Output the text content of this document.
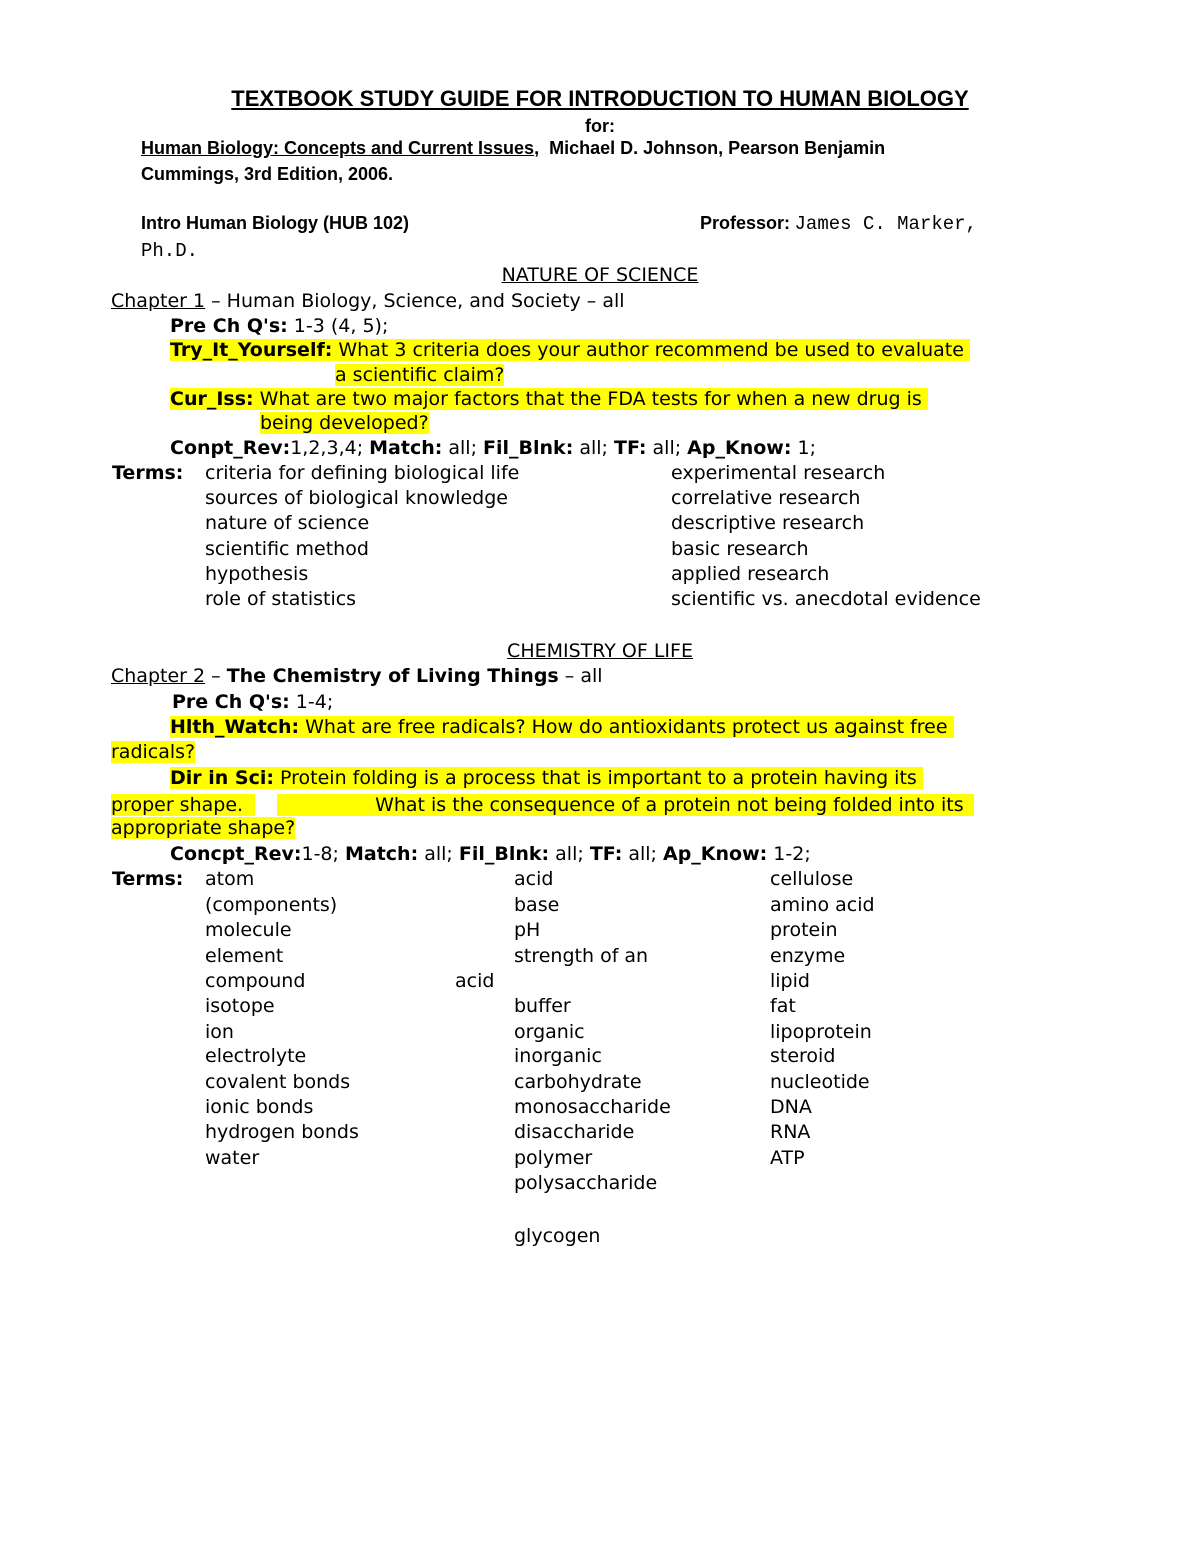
TEXTBOOK STUDY GUIDE FOR INTRODUCTION TO HUMAN BIOLOGY
for:
Human Biology: Concepts and Current Issues, Michael D. Johnson, Pearson Benjamin
Cummings, 3rd Edition, 2006.
Intro Human Biology (HUB 102)	Professor: James C. Marker,
Ph.D.
NATURE OF SCIENCE
Chapter 1 – Human Biology, Science, and Society – all
Pre Ch Q's: 1-3 (4, 5);
Try_It_Yourself: What 3 criteria does your author recommend be used to evaluate
a scientific claim?
Cur_Iss: What are two major factors that the FDA tests for when a new drug is
being developed?
Conpt_Rev:1,2,3,4; Match: all; Fil_Blnk: all; TF: all; Ap_Know: 1;
Terms: criteria for defining biological life
sources of biological knowledge
nature of science
scientific method
hypothesis
role of statistics
experimental research
correlative research
descriptive research
basic research
applied research
scientific vs. anecdotal evidence
CHEMISTRY OF LIFE
Chapter 2 – The Chemistry of Living Things – all
Pre Ch Q's: 1-4;
Hlth_Watch: What are free radicals? How do antioxidants protect us against free
radicals?
Dir in Sci: Protein folding is a process that is important to a protein having its
proper shape.	What is the consequence of a protein not being folded into its
appropriate shape?
Concpt_Rev:1-8; Match: all; Fil_Blnk: all; TF: all; Ap_Know: 1-2;
Terms: atom
(components)
molecule
element
compound
isotope
ion
electrolyte
covalent bonds
ionic bonds
hydrogen bonds
water
acid
base
pH
strength of an
acid
buffer
organic
inorganic
carbohydrate
monosaccharide
disaccharide
polymer
polysaccharide
glycogen
cellulose
amino acid
protein
enzyme
lipid
fat
lipoprotein
steroid
nucleotide
DNA
RNA
ATP
